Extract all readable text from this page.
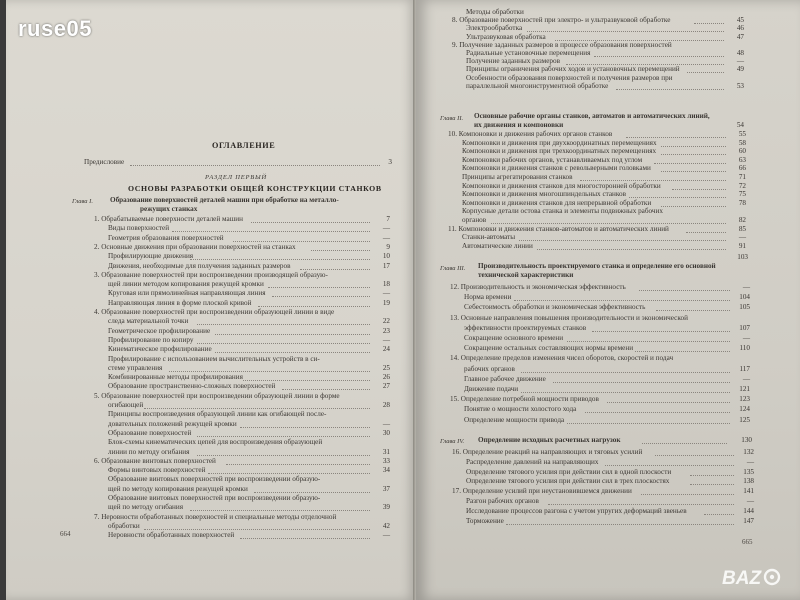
ОГЛАВЛЕНИЕ
Предисловие	3
РАЗДЕЛ ПЕРВЫЙ
ОСНОВЫ РАЗРАБОТКИ ОБЩЕЙ КОНСТРУКЦИИ СТАНКОВ
Глава I. Образование поверхностей деталей машин при обработке на металло-
режущих станках
1. Обрабатываемые поверхности деталей машин	7
Виды поверхностей	—
Геометрия образования поверхностей	—
2. Основные движения при образовании поверхностей на станках	9
Профилирующие движения	10
Движения, необходимые для получения заданных размеров	17
3. Образование поверхностей при воспроизведении производящей образую-
щей линии методом копирования режущей кромки	18
Круговая или прямолинейная направляющая линия	—
Направляющая линия в форме плоской кривой	19
4. Образование поверхностей при воспроизведении образующей линии в виде
следа материальной точки	22
Геометрическое профилирование	23
Профилирование по копиру	—
Кинематическое профилирование	24
Профилирование с использованием вычислительных устройств в си-
стеме управления	25
Комбинированные методы профилирования	26
Образование пространственно-сложных поверхностей	27
5. Образование поверхностей при воспроизведении образующей линии в форме
огибающей	28
Принципы воспроизведения образующей линии как огибающей после-
довательных положений режущей кромки	—
Образование поверхностей	30
Блок-схемы кинематических цепей для воспроизведения образующей
линии по методу огибания	31
6. Образование винтовых поверхностей	33
Формы винтовых поверхностей	34
Образование винтовых поверхностей при воспроизведении образую-
щей по методу копирования режущей кромки	37
Образование винтовых поверхностей при воспроизведении образую-
щей по методу огибания	39
7. Неровности обработанных поверхностей и специальные методы отделочной
обработки	42
Неровности обработанных поверхностей	—
664
Методы обработки
8. Образование поверхностей при электро- и ультразвуковой обработке	45
Электрообработка	46
Ультразвуковая обработка	47
9. Получение заданных размеров в процессе образования поверхностей
Радиальные установочные перемещения	48
Получение заданных размеров	—
Принципы ограничения рабочих ходов и установочных перемещений	49
Особенности образования поверхностей и получения размеров при
параллельной многоинструментной обработке	53
Глава II. Основные рабочие органы станков, автоматов и автоматических линий,
их движения и компоновки	54
10. Компоновки и движения рабочих органов станков	55
Компоновки и движения при двухкоординатных перемещениях	58
Компоновки и движения при трехкоординатных перемещениях	60
Компоновки рабочих органов, устанавливаемых под углом	63
Компоновки и движения станков с револьверными головками	66
Принципы агрегатирования станков	71
Компоновки и движения станков для многосторонней обработки	72
Компоновки и движения многошпиндельных станков	75
Компоновки и движения станков для непрерывной обработки	78
Корпусные детали остова станка и элементы подвижных рабочих
органов	82
11. Компоновки и движения станков-автоматов и автоматических линий	85
Станки-автоматы	—
Автоматические линии	91
Глава III. Производительность проектируемого станка и определение его основной
технической характеристики
103
12. Производительность и экономическая эффективность	—
Норма времени	104
Себестоимость обработки и экономическая эффективность	105
13. Основные направления повышения производительности и экономической
эффективности проектируемых станков	107
Сокращение основного времени	—
Сокращение остальных составляющих нормы времени	110
14. Определение пределов изменения чисел оборотов, скоростей и подач
рабочих органов	117
Главное рабочее движение	—
Движение подачи	121
15. Определение потребной мощности приводов	123
Понятие о мощности холостого хода	124
Определение мощности привода	125
Глава IV. Определение исходных расчетных нагрузок	130
16. Определение реакций на направляющих и тяговых усилий	132
Распределение давлений на направляющих	—
Определение тягового усилия при действии сил в одной плоскости	135
Определение тягового усилия при действии сил в трех плоскостях	138
17. Определение усилий при неустановившемся движении	141
Разгон рабочих органов	—
Исследование процессов разгона с учетом упругих деформаций звеньев	144
Торможение	147
665
ruse05
BAZ
